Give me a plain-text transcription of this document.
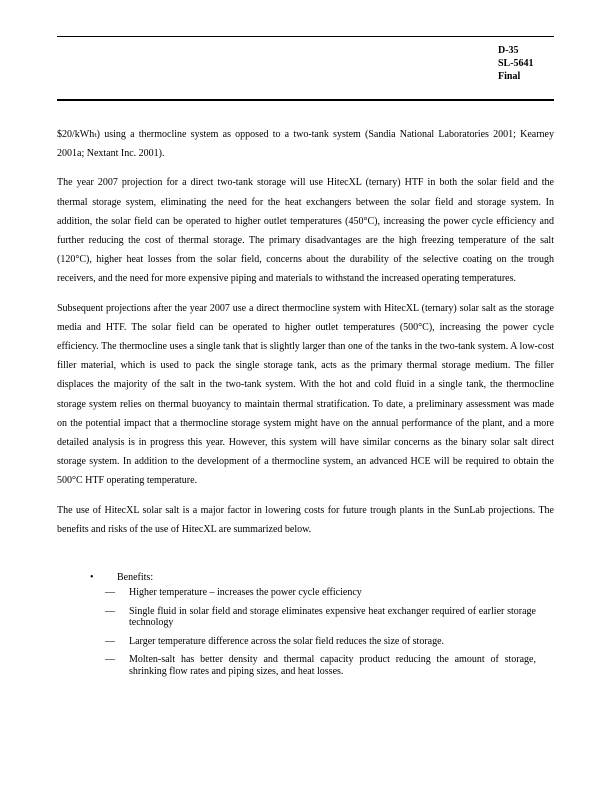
D-35
SL-5641
Final

$20/kWhₜ) using a thermocline system as opposed to a two-tank system (Sandia National Laboratories 2001; Kearney 2001a; Nextant Inc. 2001).

The year 2007 projection for a direct two-tank storage will use HitecXL (ternary) HTF in both the solar field and the thermal storage system, eliminating the need for the heat exchangers between the solar field and storage system. In addition, the solar field can be operated to higher outlet temperatures (450°C), increasing the power cycle efficiency and further reducing the cost of thermal storage. The primary disadvantages are the high freezing temperature of the salt (120°C), higher heat losses from the solar field, concerns about the durability of the selective coating on the trough receivers, and the need for more expensive piping and materials to withstand the increased operating temperatures.

Subsequent projections after the year 2007 use a direct thermocline system with HitecXL (ternary) solar salt as the storage media and HTF. The solar field can be operated to higher outlet temperatures (500°C), increasing the power cycle efficiency. The thermocline uses a single tank that is slightly larger than one of the tanks in the two-tank system. A low-cost filler material, which is used to pack the single storage tank, acts as the primary thermal storage medium. The filler displaces the majority of the salt in the two-tank system. With the hot and cold fluid in a single tank, the thermocline storage system relies on thermal buoyancy to maintain thermal stratification. To date, a preliminary assessment was made on the potential impact that a thermocline storage system might have on the annual performance of the plant, and a more detailed analysis is in progress this year. However, this system will have similar concerns as the binary solar salt direct storage system. In addition to the development of a thermocline system, an advanced HCE will be required to obtain the 500°C HTF operating temperature.

The use of HitecXL solar salt is a major factor in lowering costs for future trough plants in the SunLab projections. The benefits and risks of the use of HitecXL are summarized below.

• Benefits:
— Higher temperature – increases the power cycle efficiency
— Single fluid in solar field and storage eliminates expensive heat exchanger required of earlier storage technology
— Larger temperature difference across the solar field reduces the size of storage.
— Molten-salt has better density and thermal capacity product reducing the amount of storage, shrinking flow rates and piping sizes, and heat losses.
